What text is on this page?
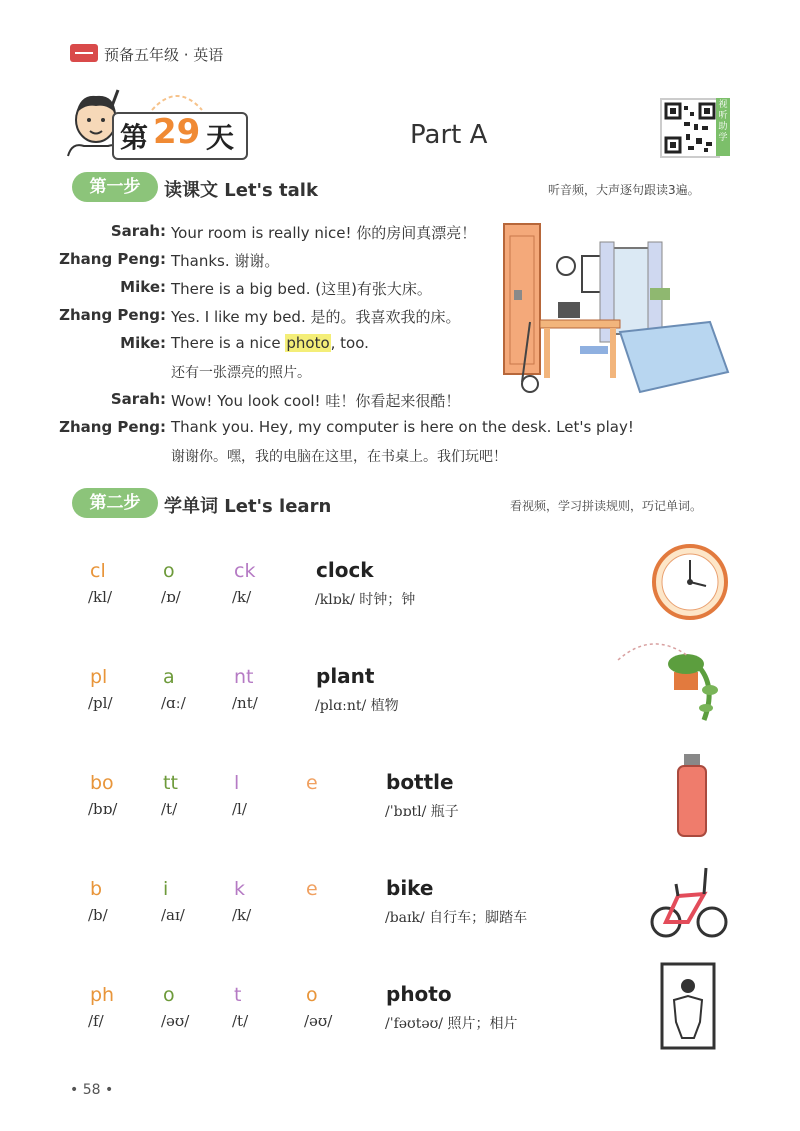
预备五年级 · 英语
第 29 天	Part A
视听助学
第一步	读课文 Let's talk	听音频，大声逐句跟读3遍。
Sarah: Your room is really nice! 你的房间真漂亮！
Zhang Peng: Thanks. 谢谢。
Mike: There is a big bed. (这里)有张大床。
Zhang Peng: Yes. I like my bed. 是的。我喜欢我的床。
Mike: There is a nice photo, too.
还有一张漂亮的照片。
Sarah: Wow! You look cool! 哇！你看起来很酷！
Zhang Peng: Thank you. Hey, my computer is here on the desk. Let's play!
谢谢你。嘿，我的电脑在这里，在书桌上。我们玩吧！
第二步	学单词 Let's learn	看视频，学习拼读规则，巧记单词。
cl	o	ck
/kl/	/ɒ/	/k/
clock
/klɒk/ 时钟；钟
pl	a	nt
/pl/	/ɑː/	/nt/
plant
/plɑːnt/ 植物
bo	tt	l	e
/bɒ/	/t/	/l/
bottle
/ˈbɒtl/ 瓶子
b	i	k	e
/b/	/aɪ/	/k/
bike
/baɪk/ 自行车；脚踏车
ph	o	t	o
/f/	/əʊ/	/t/	/əʊ/
photo
/ˈfəʊtəʊ/ 照片；相片
• 58 •
